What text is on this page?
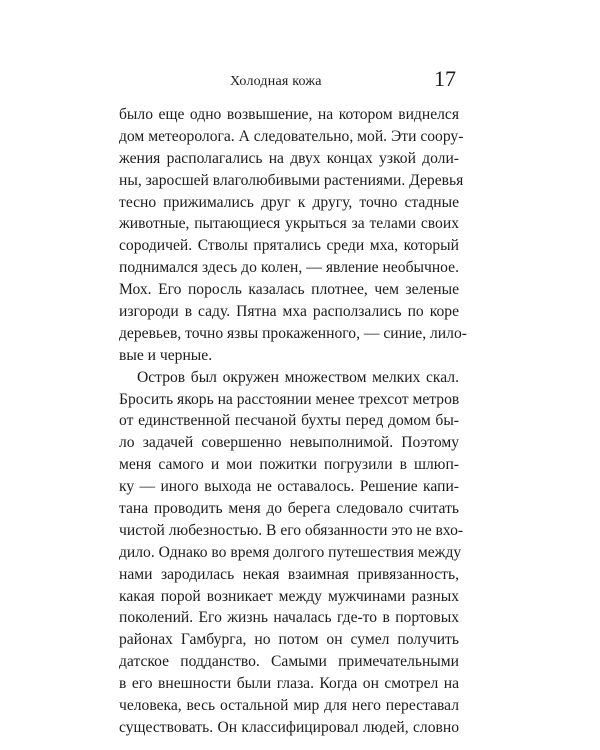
Холодная кожа	17
было еще одно возвышение, на котором виднелся
дом метеоролога. А следовательно, мой. Эти соору-
жения располагались на двух концах узкой доли-
ны, заросшей влаголюбивыми растениями. Деревья
тесно прижимались друг к другу, точно стадные
животные, пытающиеся укрыться за телами своих
сородичей. Стволы прятались среди мха, который
поднимался здесь до колен, — явление необычное.
Мох. Его поросль казалась плотнее, чем зеленые
изгороди в саду. Пятна мха расползались по коре
деревьев, точно язвы прокаженного, — синие, лило-
вые и черные.
Остров был окружен множеством мелких скал.
Бросить якорь на расстоянии менее трехсот метров
от единственной песчаной бухты перед домом бы-
ло задачей совершенно невыполнимой. Поэтому
меня самого и мои пожитки погрузили в шлюп-
ку — иного выхода не оставалось. Решение капи-
тана проводить меня до берега следовало считать
чистой любезностью. В его обязанности это не вхо-
дило. Однако во время долгого путешествия между
нами зародилась некая взаимная привязанность,
какая порой возникает между мужчинами разных
поколений. Его жизнь началась где-то в портовых
районах Гамбурга, но потом он сумел получить
датское подданство. Самыми примечательными
в его внешности были глаза. Когда он смотрел на
человека, весь остальной мир для него переставал
существовать. Он классифицировал людей, словно
